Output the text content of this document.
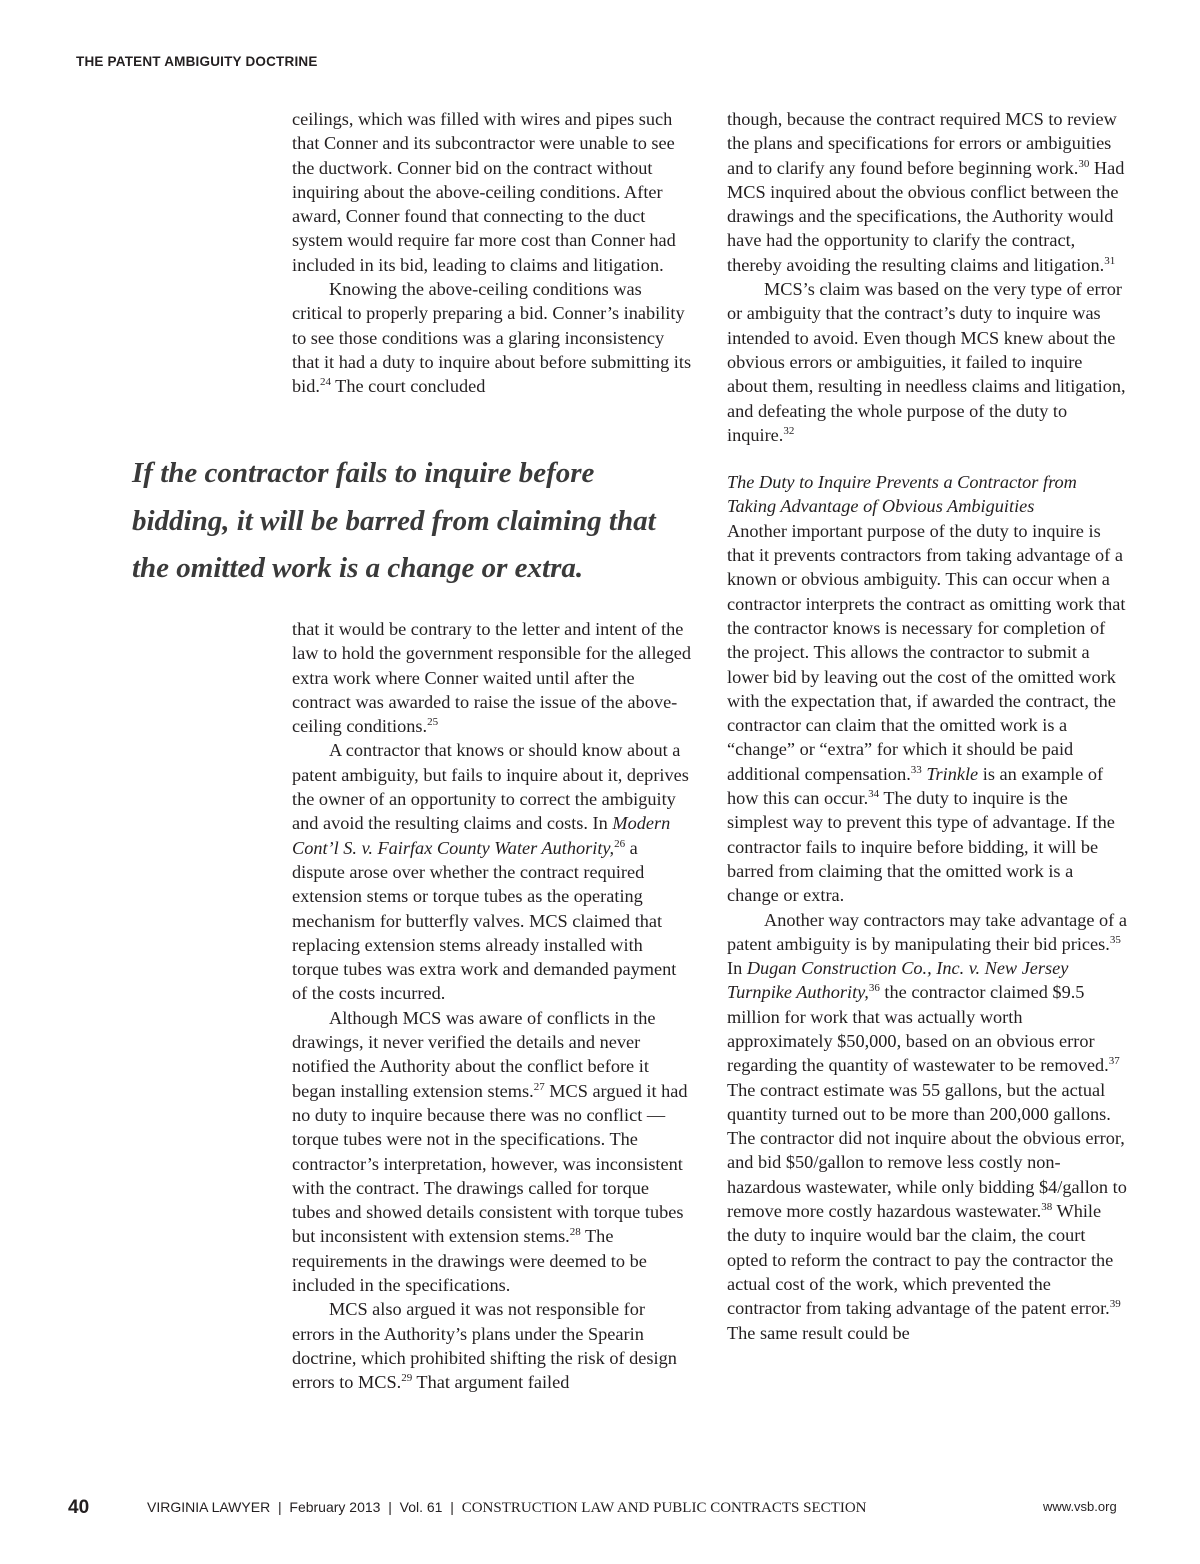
THE PATENT AMBIGUITY DOCTRINE

ceilings, which was filled with wires and pipes such that Conner and its subcontractor were unable to see the ductwork. Conner bid on the contract without inquiring about the above-ceiling conditions. After award, Conner found that connecting to the duct system would require far more cost than Conner had included in its bid, leading to claims and litigation.

Knowing the above-ceiling conditions was critical to properly preparing a bid. Conner’s inability to see those conditions was a glaring inconsistency that it had a duty to inquire about before submitting its bid.$^{24}$ The court concluded

If the contractor fails to inquire before bidding, it will be barred from claiming that the omitted work is a change or extra.

that it would be contrary to the letter and intent of the law to hold the government responsible for the alleged extra work where Conner waited until after the contract was awarded to raise the issue of the above-ceiling conditions.$^{25}$

A contractor that knows or should know about a patent ambiguity, but fails to inquire about it, deprives the owner of an opportunity to correct the ambiguity and avoid the resulting claims and costs. In Modern Cont’l S. v. Fairfax County Water Authority,$^{26}$ a dispute arose over whether the contract required extension stems or torque tubes as the operating mechanism for butterfly valves. MCS claimed that replacing extension stems already installed with torque tubes was extra work and demanded payment of the costs incurred.

Although MCS was aware of conflicts in the drawings, it never verified the details and never notified the Authority about the conflict before it began installing extension stems.$^{27}$ MCS argued it had no duty to inquire because there was no conflict — torque tubes were not in the specifications. The contractor’s interpretation, however, was inconsistent with the contract. The drawings called for torque tubes and showed details consistent with torque tubes but inconsistent with extension stems.$^{28}$ The requirements in the drawings were deemed to be included in the specifications.

MCS also argued it was not responsible for errors in the Authority’s plans under the Spearin doctrine, which prohibited shifting the risk of design errors to MCS.$^{29}$ That argument failed

though, because the contract required MCS to review the plans and specifications for errors or ambiguities and to clarify any found before beginning work.$^{30}$ Had MCS inquired about the obvious conflict between the drawings and the specifications, the Authority would have had the opportunity to clarify the contract, thereby avoiding the resulting claims and litigation.$^{31}$

MCS’s claim was based on the very type of error or ambiguity that the contract’s duty to inquire was intended to avoid. Even though MCS knew about the obvious errors or ambiguities, it failed to inquire about them, resulting in needless claims and litigation, and defeating the whole purpose of the duty to inquire.$^{32}$

The Duty to Inquire Prevents a Contractor from Taking Advantage of Obvious Ambiguities

Another important purpose of the duty to inquire is that it prevents contractors from taking advantage of a known or obvious ambiguity. This can occur when a contractor interprets the contract as omitting work that the contractor knows is necessary for completion of the project. This allows the contractor to submit a lower bid by leaving out the cost of the omitted work with the expectation that, if awarded the contract, the contractor can claim that the omitted work is a “change” or “extra” for which it should be paid additional compensation.$^{33}$ Trinkle is an example of how this can occur.$^{34}$ The duty to inquire is the simplest way to prevent this type of advantage. If the contractor fails to inquire before bidding, it will be barred from claiming that the omitted work is a change or extra.

Another way contractors may take advantage of a patent ambiguity is by manipulating their bid prices.$^{35}$ In Dugan Construction Co., Inc. v. New Jersey Turnpike Authority,$^{36}$ the contractor claimed $9.5 million for work that was actually worth approximately $50,000, based on an obvious error regarding the quantity of wastewater to be removed.$^{37}$ The contract estimate was 55 gallons, but the actual quantity turned out to be more than 200,000 gallons. The contractor did not inquire about the obvious error, and bid $50/gallon to remove less costly non-hazardous wastewater, while only bidding $4/gallon to remove more costly hazardous wastewater.$^{38}$ While the duty to inquire would bar the claim, the court opted to reform the contract to pay the contractor the actual cost of the work, which prevented the contractor from taking advantage of the patent error.$^{39}$ The same result could be

40	VIRGINIA LAWYER | February 2013 | Vol. 61 | CONSTRUCTION LAW AND PUBLIC CONTRACTS SECTION	www.vsb.org
